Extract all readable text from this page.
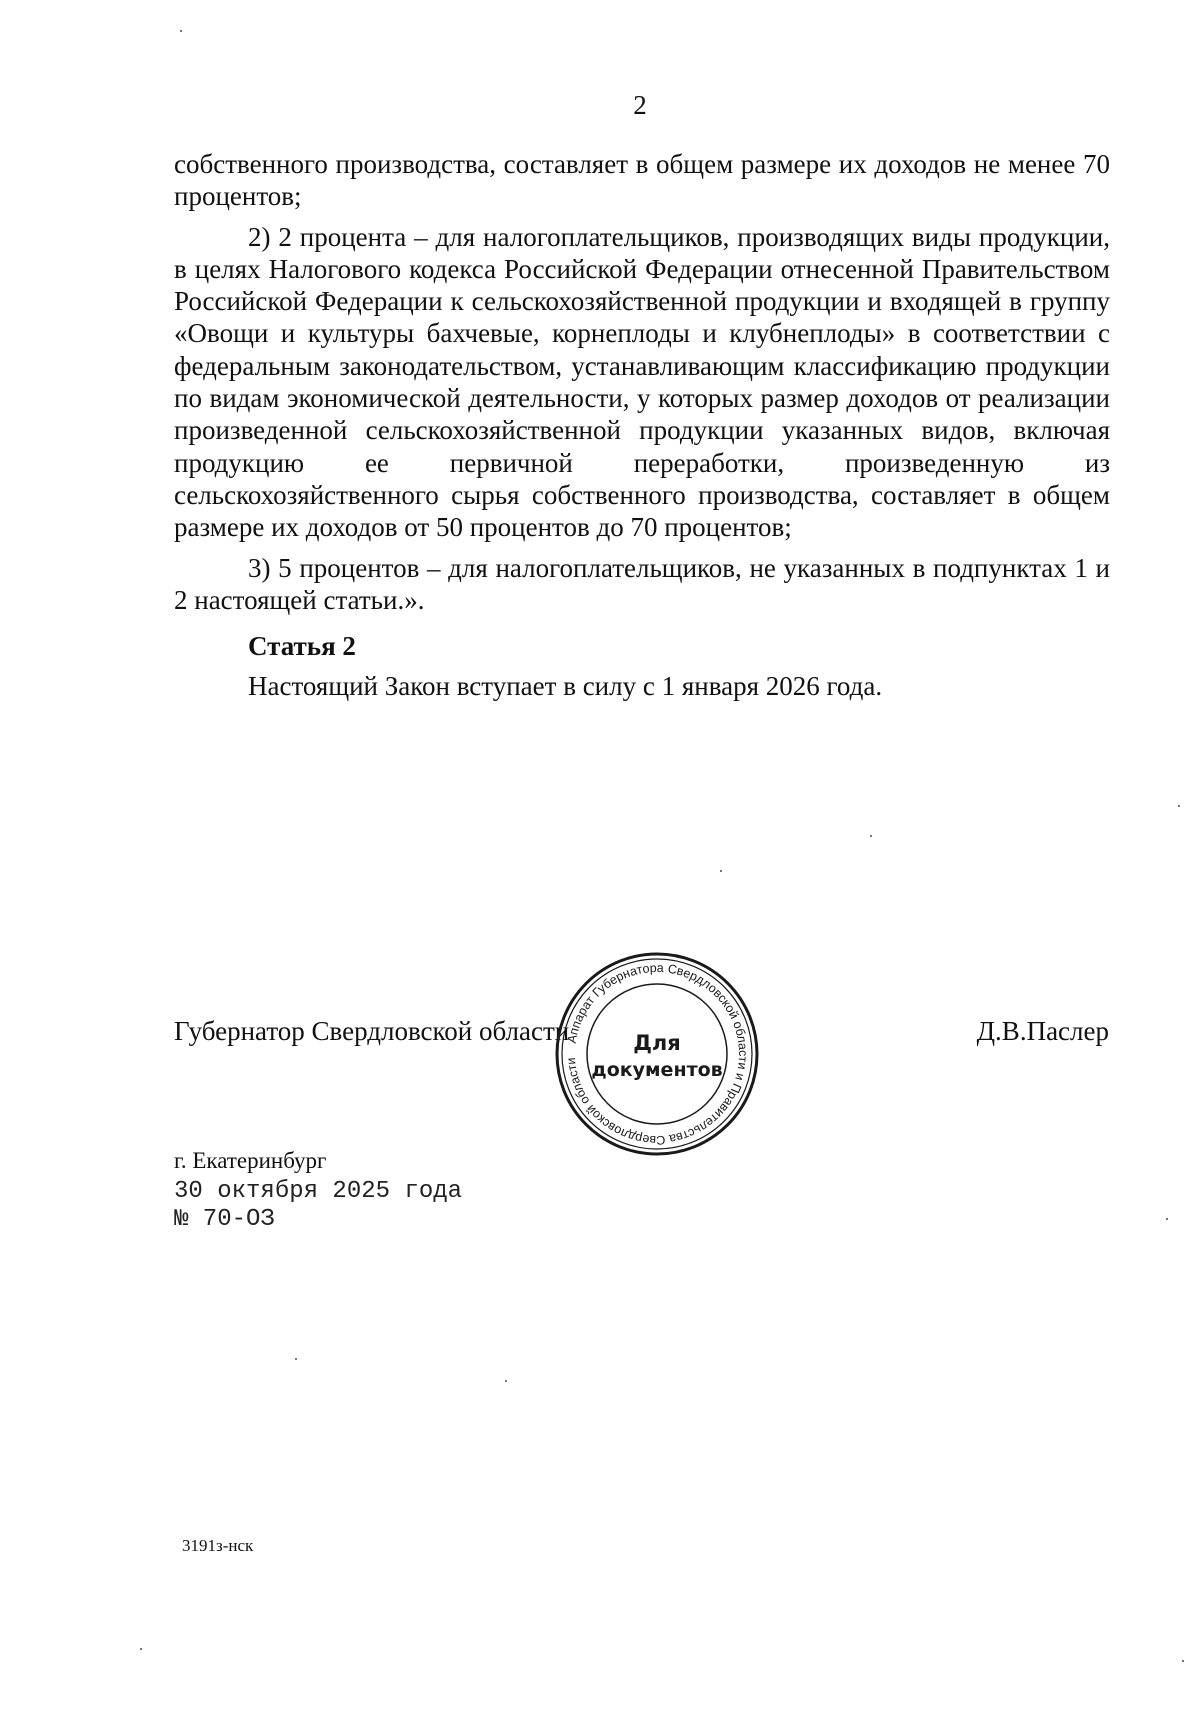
2

собственного производства, составляет в общем размере их доходов не менее 70 процентов;

2) 2 процента – для налогоплательщиков, производящих виды продукции, в целях Налогового кодекса Российской Федерации отнесенной Правительством Российской Федерации к сельскохозяйственной продукции и входящей в группу «Овощи и культуры бахчевые, корнеплоды и клубнеплоды» в соответствии с федеральным законодательством, устанавливающим классификацию продукции по видам экономической деятельности, у которых размер доходов от реализации произведенной сельскохозяйственной продукции указанных видов, включая продукцию ее первичной переработки, произведенную из сельскохозяйственного сырья собственного производства, составляет в общем размере их доходов от 50 процентов до 70 процентов;

3) 5 процентов – для налогоплательщиков, не указанных в подпунктах 1 и 2 настоящей статьи.».

Статья 2
Настоящий Закон вступает в силу с 1 января 2026 года.
Губернатор Свердловской области	Д.В.Паслер
Аппарат Губернатора Свердловской области и Правительства Свердловской области
Для
документов
г. Екатеринбург
30 октября 2025 года
№ 70-ОЗ
3191з-нск
